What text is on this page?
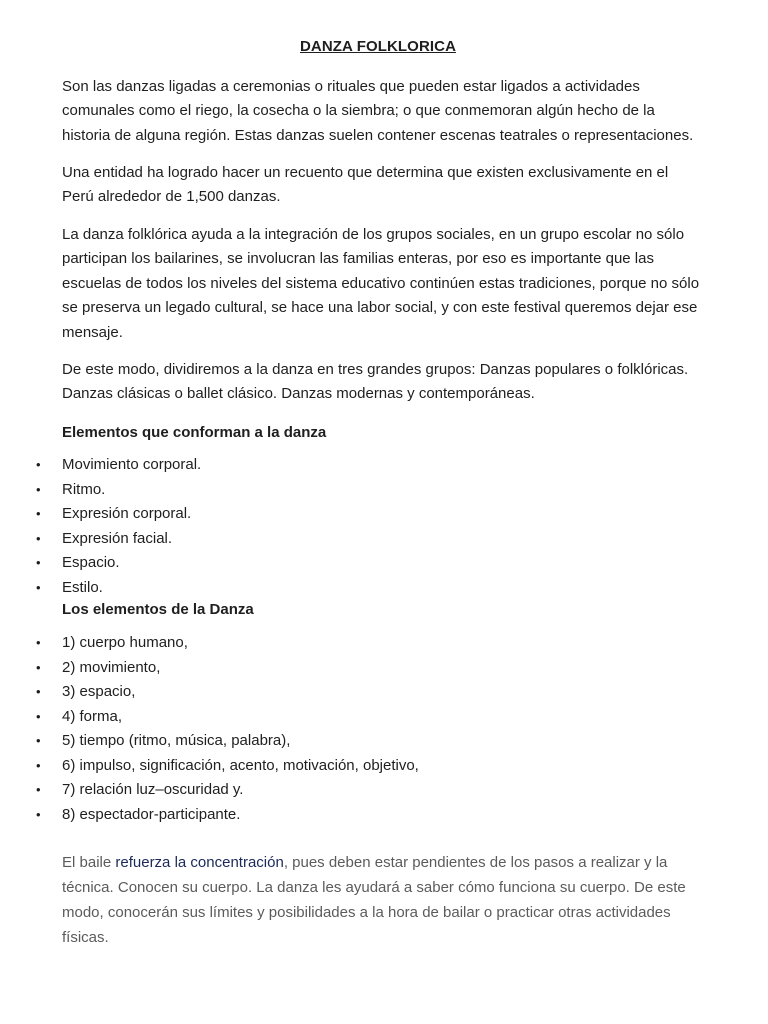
DANZA FOLKLORICA

Son las danzas ligadas a ceremonias o rituales que pueden estar ligados a actividades comunales como el riego, la cosecha o la siembra; o que conmemoran algún hecho de la historia de alguna región. Estas danzas suelen contener escenas teatrales o representaciones.

Una entidad ha logrado hacer un recuento que determina que existen exclusivamente en el Perú alrededor de 1,500 danzas.

La danza folklórica ayuda a la integración de los grupos sociales, en un grupo escolar no sólo participan los bailarines, se involucran las familias enteras, por eso es importante que las escuelas de todos los niveles del sistema educativo continúen estas tradiciones, porque no sólo se preserva un legado cultural, se hace una labor social, y con este festival queremos dejar ese mensaje.

De este modo, dividiremos a la danza en tres grandes grupos: Danzas populares o folklóricas. Danzas clásicas o ballet clásico. Danzas modernas y contemporáneas.

Elementos que conforman a la danza

• Movimiento corporal.
• Ritmo.
• Expresión corporal.
• Expresión facial.
• Espacio.
• Estilo.

Los elementos de la Danza

• 1) cuerpo humano,
• 2) movimiento,
• 3) espacio,
• 4) forma,
• 5) tiempo (ritmo, música, palabra),
• 6) impulso, significación, acento, motivación, objetivo,
• 7) relación luz–oscuridad y.
• 8) espectador-participante.

El baile refuerza la concentración, pues deben estar pendientes de los pasos a realizar y la técnica. Conocen su cuerpo. La danza les ayudará a saber cómo funciona su cuerpo. De este modo, conocerán sus límites y posibilidades a la hora de bailar o practicar otras actividades físicas.
